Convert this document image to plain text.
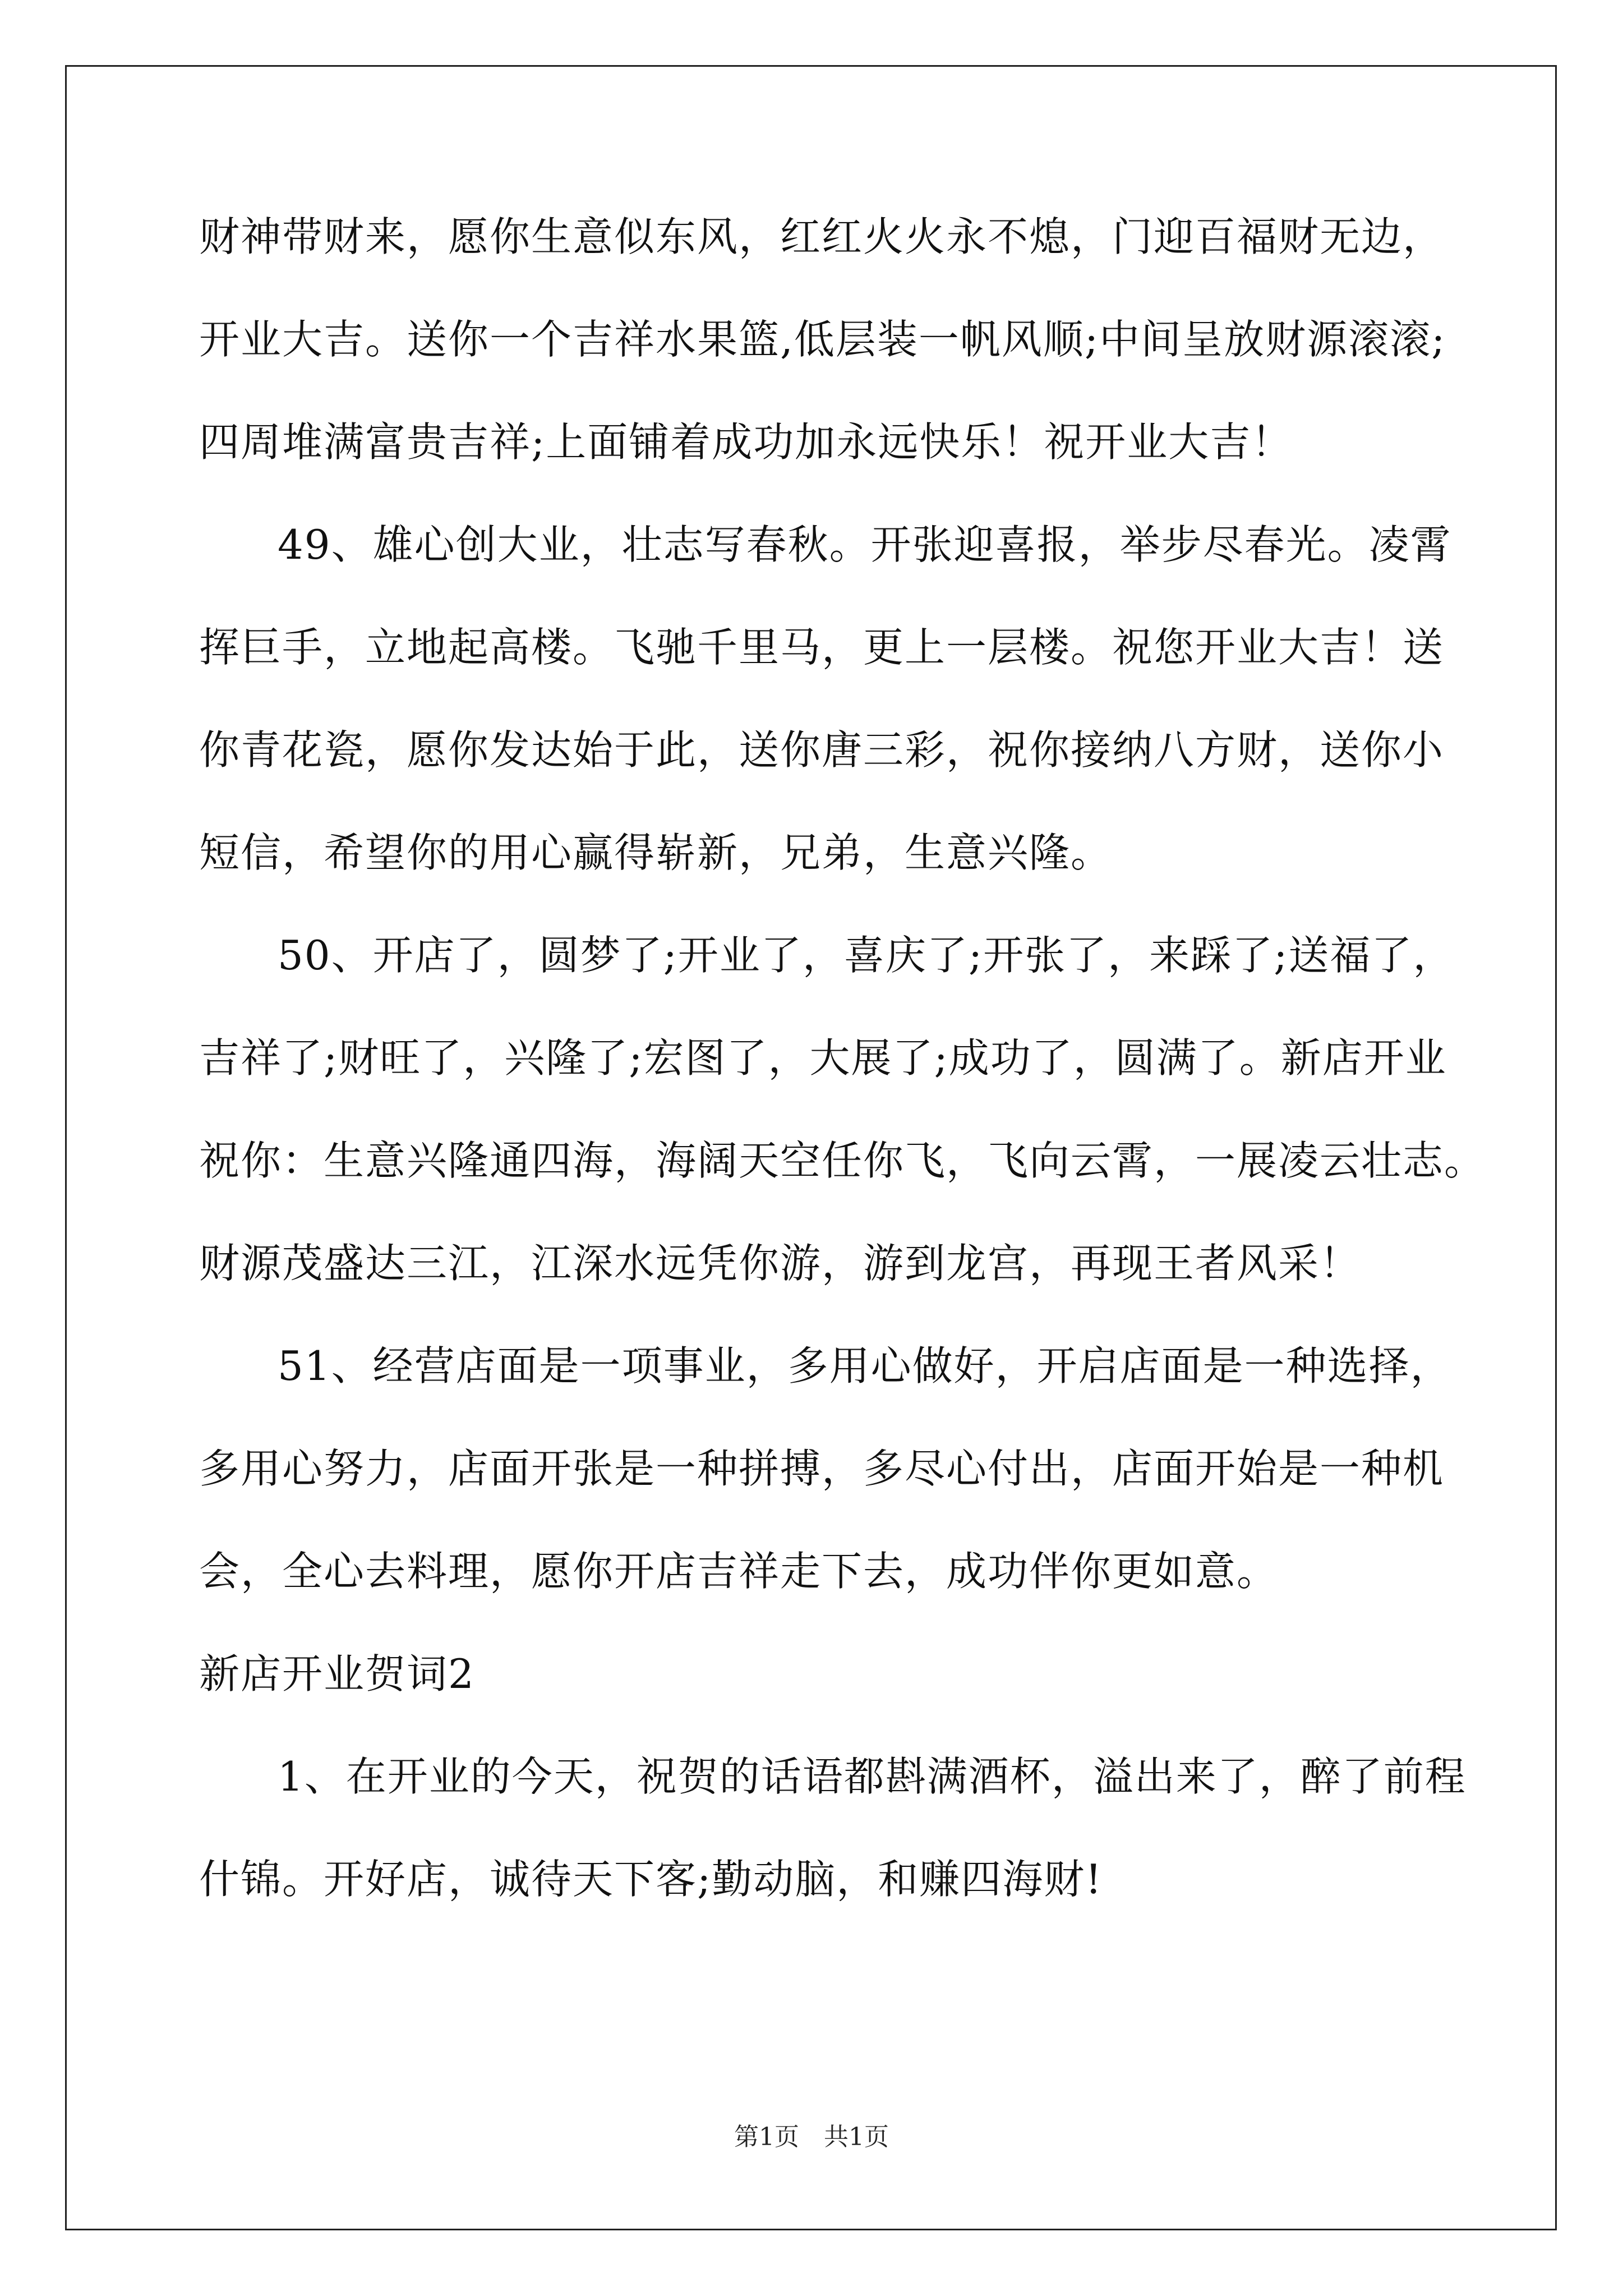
财神带财来，愿你生意似东风，红红火火永不熄，门迎百福财无边，
开业大吉。送你一个吉祥水果篮,低层装一帆风顺;中间呈放财源滚滚;
四周堆满富贵吉祥;上面铺着成功加永远快乐！祝开业大吉！
49、雄心创大业，壮志写春秋。开张迎喜报，举步尽春光。凌霄
挥巨手，立地起高楼。飞驰千里马，更上一层楼。祝您开业大吉！送
你青花瓷，愿你发达始于此，送你唐三彩，祝你接纳八方财，送你小
短信，希望你的用心赢得崭新，兄弟，生意兴隆。
50、开店了，圆梦了;开业了，喜庆了;开张了，来踩了;送福了，
吉祥了;财旺了，兴隆了;宏图了，大展了;成功了，圆满了。新店开业
祝你：生意兴隆通四海，海阔天空任你飞，飞向云霄，一展凌云壮志。
财源茂盛达三江，江深水远凭你游，游到龙宫，再现王者风采！
51、经营店面是一项事业，多用心做好，开启店面是一种选择，
多用心努力，店面开张是一种拼搏，多尽心付出，店面开始是一种机
会，全心去料理，愿你开店吉祥走下去，成功伴你更如意。
新店开业贺词2
1、在开业的今天，祝贺的话语都斟满酒杯，溢出来了，醉了前程
什锦。开好店，诚待天下客;勤动脑，和赚四海财!
第1页　共1页
